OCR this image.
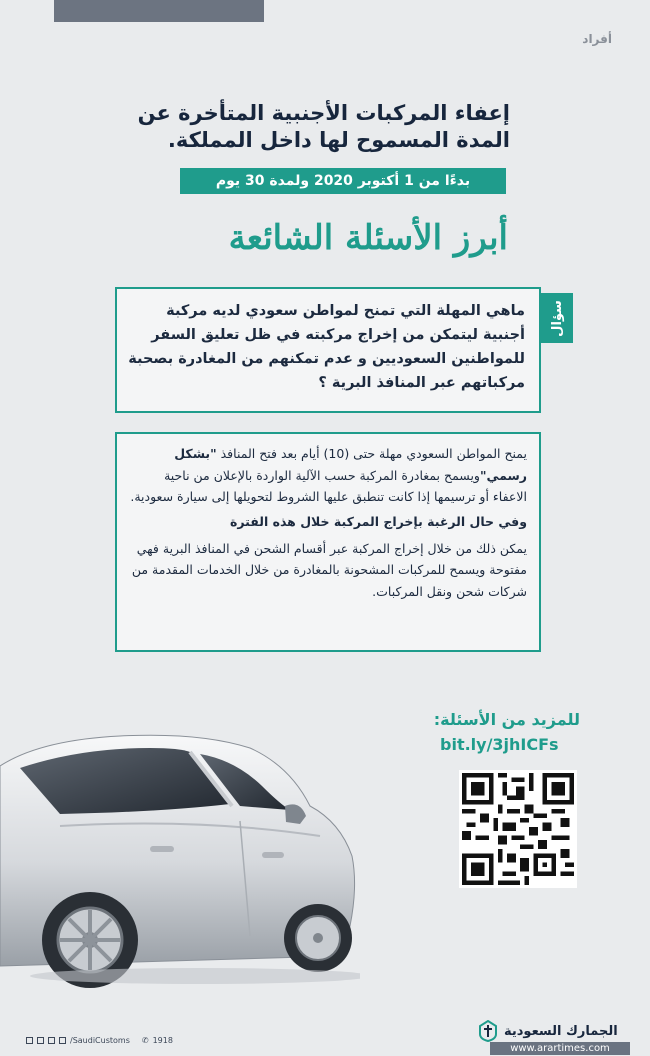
أفراد
إعفاء المركبات الأجنبية المتأخرة عن المدة المسموح لها داخل المملكة.
بدءًا من 1 أكتوبر 2020 ولمدة 30 يوم
أبرز الأسئلة الشائعة
سؤال

ماهي المهلة التي تمنح لمواطن سعودي لديه مركبة أجنبية ليتمكن من إخراج مركبته في ظل تعليق السفر للمواطنين السعوديين و عدم تمكنهم من المغادرة بصحبة مركباتهم عبر المنافذ البرية ؟

يمنح المواطن السعودي مهلة حتى (10) أيام بعد فتح المنافذ "بشكل رسمي"ويسمح بمغادرة المركبة حسب الآلية الواردة بالإعلان من ناحية الاعفاء أو ترسيمها إذا كانت تنطبق عليها الشروط لتحويلها إلى سيارة سعودية.

وفي حال الرغبة بإخراج المركبة خلال هذه الفترة

يمكن ذلك من خلال إخراج المركبة عبر أقسام الشحن في المنافذ البرية فهي مفتوحة ويسمح للمركبات المشحونة بالمغادرة من خلال الخدمات المقدمة من شركات شحن ونقل المركبات.

للمزيد من الأسئلة:
bit.ly/3jhICFs
الجمارك السعودية
/SaudiCustoms ✆ 1918
www.arartimes.com
